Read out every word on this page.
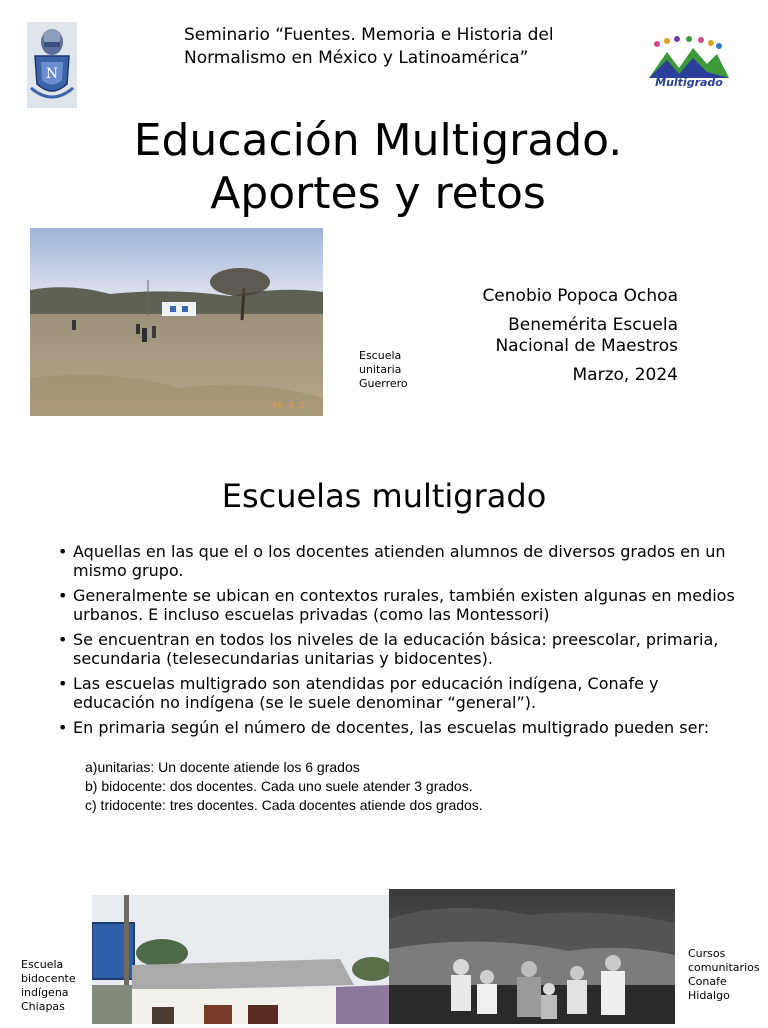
N
Seminario “Fuentes. Memoria e Historia del Normalismo en México y Latinoamérica”
Multigrado
Educación Multigrado.
Aportes y retos
96 4 3
Escuela unitaria Guerrero
Cenobio Popoca Ochoa
Benemérita Escuela
Nacional de Maestros
Marzo, 2024
Escuelas multigrado
• Aquellas en las que el o los docentes atienden alumnos de diversos grados en un mismo grupo.
• Generalmente se ubican en contextos rurales, también existen algunas en medios urbanos. E incluso escuelas privadas (como las Montessori)
• Se encuentran en todos los niveles de la educación básica: preescolar, primaria, secundaria (telesecundarias unitarias y bidocentes).
• Las escuelas multigrado son atendidas por educación indígena, Conafe y educación no indígena (se le suele denominar “general”).
• En primaria según el número de docentes, las escuelas multigrado pueden ser:
a)unitarias: Un docente atiende los 6 grados
b) bidocente: dos docentes. Cada uno suele atender 3 grados.
c) tridocente: tres docentes. Cada docentes atiende dos grados.
Escuela bidocente indígena Chiapas
Cursos comunitarios Conafe Hidalgo
